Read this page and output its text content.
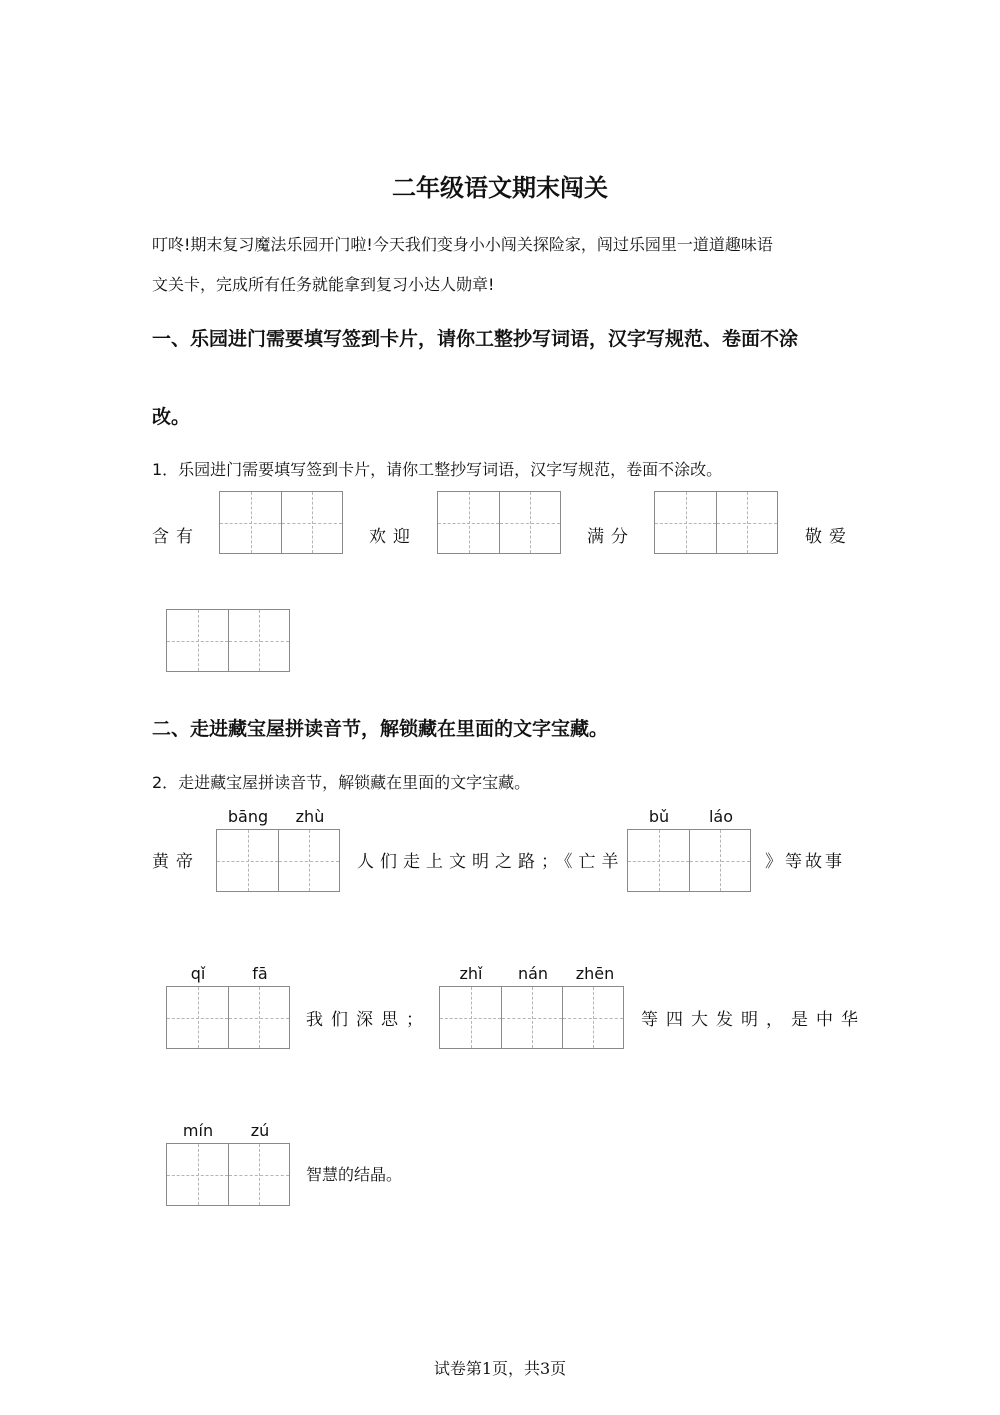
二年级语文期末闯关
叮咚!期末复习魔法乐园开门啦!今天我们变身小小闯关探险家，闯过乐园里一道道趣味语
文关卡，完成所有任务就能拿到复习小达人勋章!
一、乐园进门需要填写签到卡片，请你工整抄写词语，汉字写规范、卷面不涂
改。
1．乐园进门需要填写签到卡片，请你工整抄写词语，汉字写规范，卷面不涂改。
含有	欢迎	满分	敬爱
二、走进藏宝屋拼读音节，解锁藏在里面的文字宝藏。
2．走进藏宝屋拼读音节，解锁藏在里面的文字宝藏。
bāng	zhù
黄帝	人们走上文明之路；《亡羊
bǔ	láo
》等故事
qǐ	fā
我们深思；
zhǐ	nán	zhēn
等四大发明，是中华
mín	zú
智慧的结晶。
试卷第1页，共3页
